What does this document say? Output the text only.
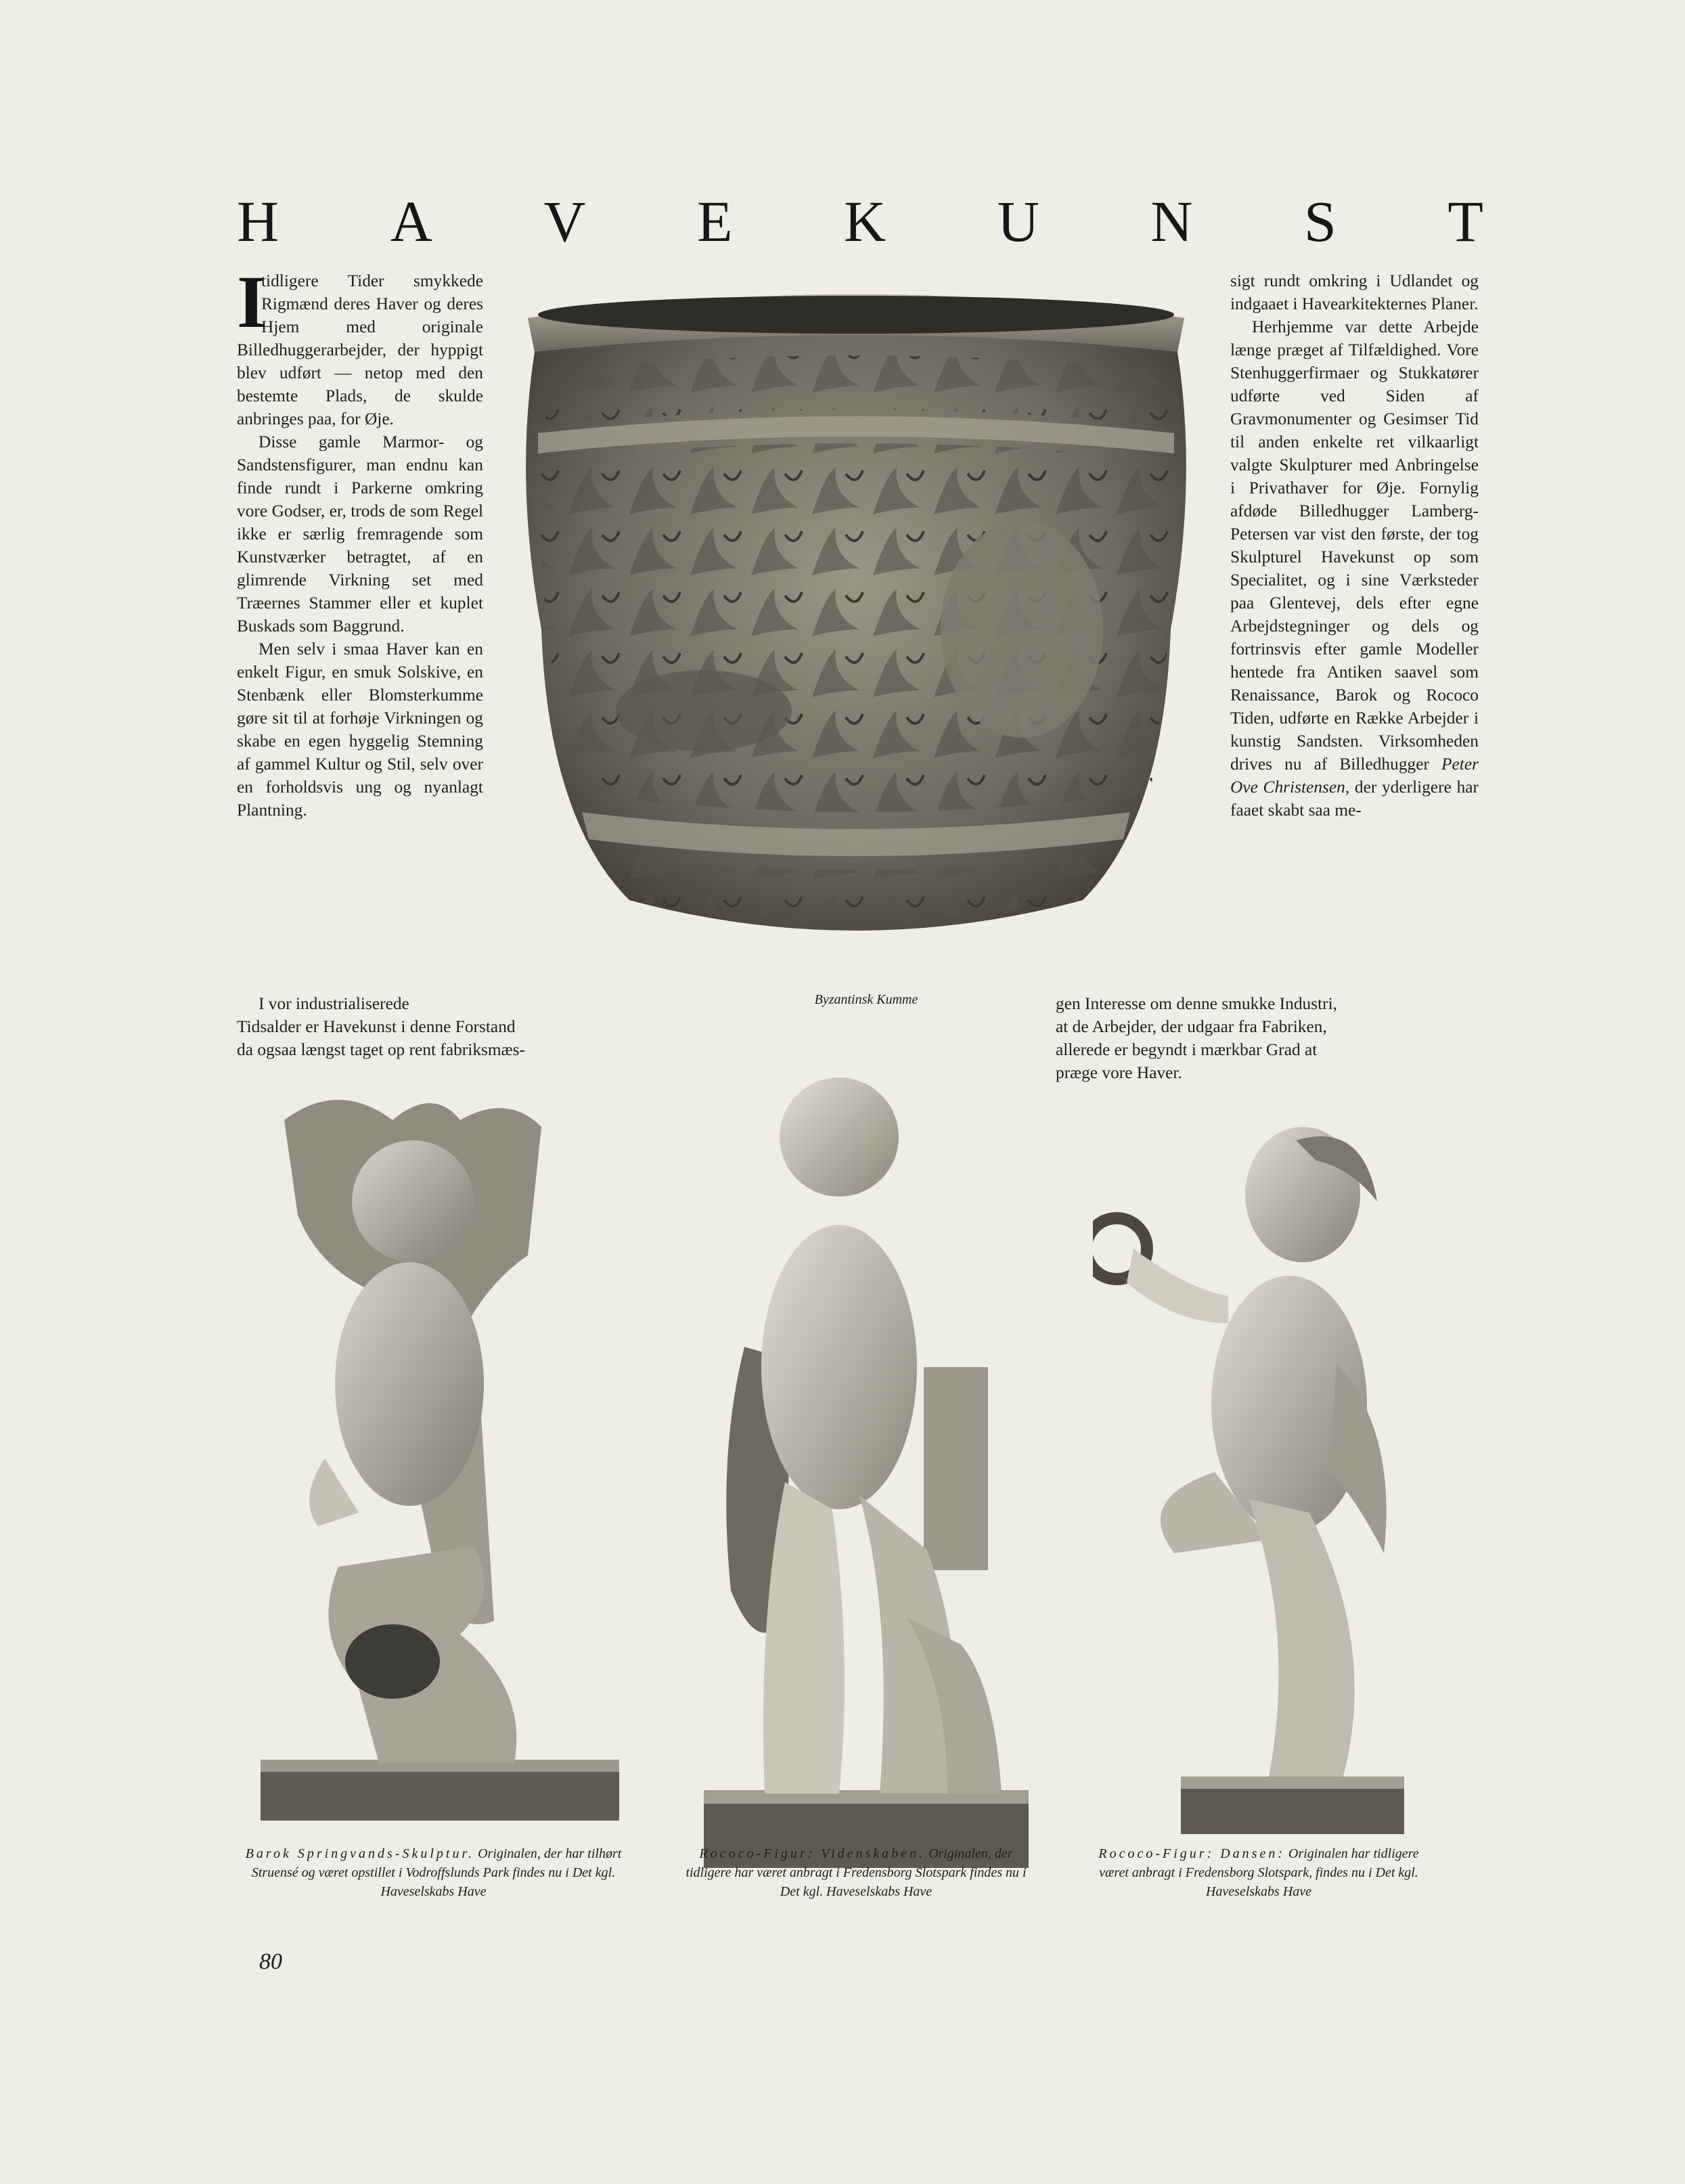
H A V E K U N S T

I
tidligere Tider smykkede Rigmænd deres Haver og deres Hjem med originale Billedhuggerarbejder, der hyppigt blev udført — netop med den bestemte Plads, de skulde anbringes paa, for Øje.

Disse gamle Marmor- og Sandstensfigurer, man endnu kan finde rundt i Parkerne omkring vore Godser, er, trods de som Regel ikke er særlig fremragende som Kunstværker betragtet, af en glimrende Virkning set med Træernes Stammer eller et kuplet Buskads som Baggrund.

Men selv i smaa Haver kan en enkelt Figur, en smuk Solskive, en Stenbænk eller Blomsterkumme gøre sit til at forhøje Virkningen og skabe en egen hyggelig Stemning af gammel Kultur og Stil, selv over en forholdsvis ung og nyanlagt Plantning.

I vor industrialiserede

Tidsalder er Havekunst i denne Forstand

da ogsaa længst taget op rent fabriksmæs-

sigt rundt omkring i Udlandet og indgaaet i Havearkitekternes Planer.

Herhjemme var dette Arbejde længe præget af Tilfældighed. Vore Stenhuggerfirmaer og Stukkatører udførte ved Siden af Gravmonumenter og Gesimser Tid til anden enkelte ret vilkaarligt valgte Skulpturer med Anbringelse i Privathaver for Øje. Fornylig afdøde Billedhugger Lamberg-Petersen var vist den første, der tog Skulpturel Havekunst op som Specialitet, og i sine Værksteder paa Glentevej, dels efter egne Arbejdstegninger og dels og fortrinsvis efter gamle Modeller hentede fra Antiken saavel som Renaissance, Barok og Rococo Tiden, udførte en Række Arbejder i kunstig Sandsten. Virksomheden drives nu af Billedhugger Peter Ove Christensen, der yderligere har faaet skabt saa me-

gen Interesse om denne smukke Industri,

at de Arbejder, der udgaar fra Fabriken,

allerede er begyndt i mærkbar Grad at

præge vore Haver.

Byzantinsk Kumme
Barok Springvands-Skulptur. Originalen, der har tilhørt Struensé og været opstillet i Vodroffslunds Park findes nu i Det kgl. Haveselskabs Have
Rococo-Figur: Videnskaben. Originalen, der tidligere har været anbragt i Fredensborg Slotspark findes nu i Det kgl. Haveselskabs Have
Rococo-Figur: Dansen: Originalen har tidligere været anbragt i Fredensborg Slotspark, findes nu i Det kgl. Haveselskabs Have
80
